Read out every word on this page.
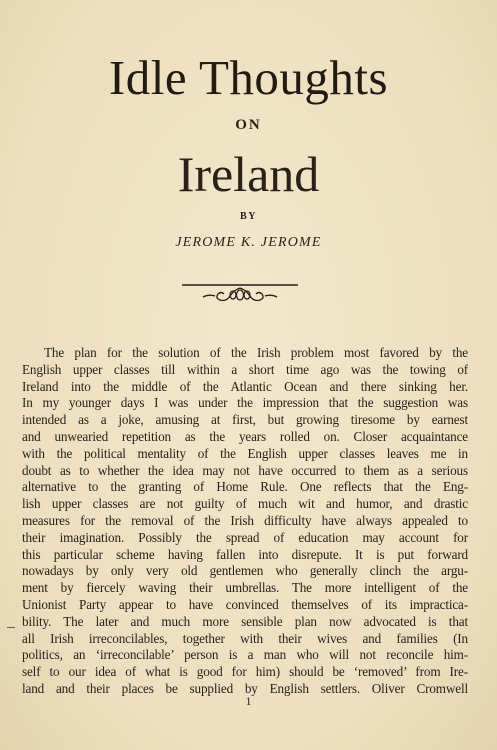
Idle Thoughts
ON
Ireland
BY
JEROME K. JEROME
The plan for the solution of the Irish problem most favored by the
English upper classes till within a short time ago was the towing of
Ireland into the middle of the Atlantic Ocean and there sinking her.
In my younger days I was under the impression that the suggestion was
intended as a joke, amusing at first, but growing tiresome by earnest
and unwearied repetition as the years rolled on. Closer acquaintance
with the political mentality of the English upper classes leaves me in
doubt as to whether the idea may not have occurred to them as a serious
alternative to the granting of Home Rule. One reflects that the Eng-
lish upper classes are not guilty of much wit and humor, and drastic
measures for the removal of the Irish difficulty have always appealed to
their imagination. Possibly the spread of education may account for
this particular scheme having fallen into disrepute. It is put forward
nowadays by only very old gentlemen who generally clinch the argu-
ment by fiercely waving their umbrellas. The more intelligent of the
Unionist Party appear to have convinced themselves of its impractica-
bility. The later and much more sensible plan now advocated is that
all Irish irreconcilables, together with their wives and families (In
politics, an ‘irreconcilable’ person is a man who will not reconcile him-
self to our idea of what is good for him) should be ‘removed’ from Ire-
land and their places be supplied by English settlers. Oliver Cromwell
1
